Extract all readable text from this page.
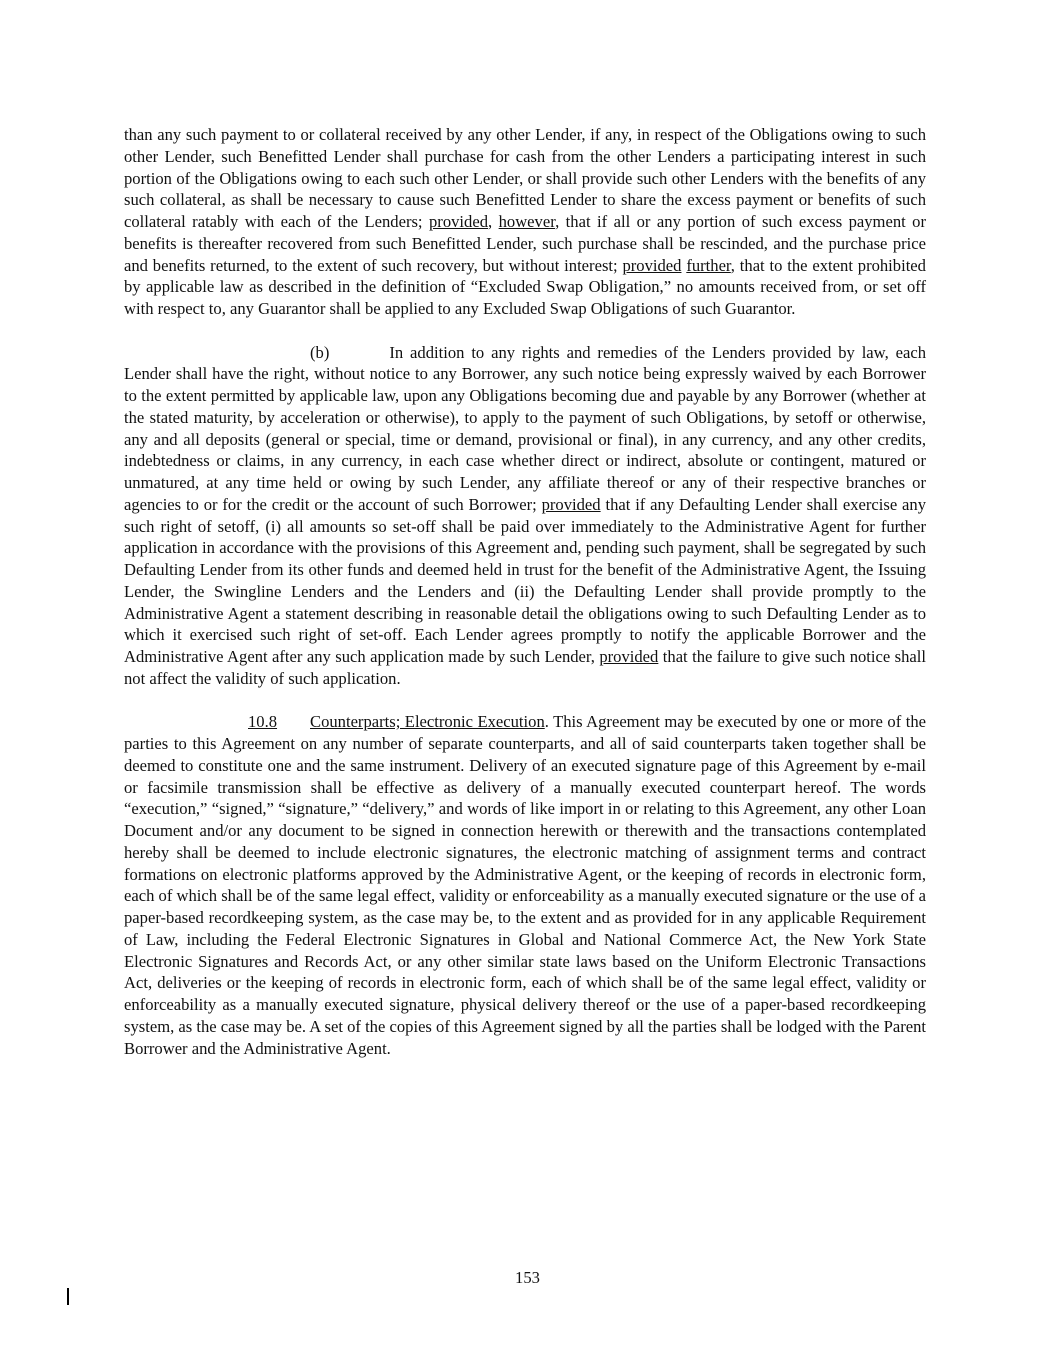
than any such payment to or collateral received by any other Lender, if any, in respect of the Obligations owing to such other Lender, such Benefitted Lender shall purchase for cash from the other Lenders a participating interest in such portion of the Obligations owing to each such other Lender, or shall provide such other Lenders with the benefits of any such collateral, as shall be necessary to cause such Benefitted Lender to share the excess payment or benefits of such collateral ratably with each of the Lenders; provided, however, that if all or any portion of such excess payment or benefits is thereafter recovered from such Benefitted Lender, such purchase shall be rescinded, and the purchase price and benefits returned, to the extent of such recovery, but without interest; provided further, that to the extent prohibited by applicable law as described in the definition of “Excluded Swap Obligation,” no amounts received from, or set off with respect to, any Guarantor shall be applied to any Excluded Swap Obligations of such Guarantor.

(b)	In addition to any rights and remedies of the Lenders provided by law, each Lender shall have the right, without notice to any Borrower, any such notice being expressly waived by each Borrower to the extent permitted by applicable law, upon any Obligations becoming due and payable by any Borrower (whether at the stated maturity, by acceleration or otherwise), to apply to the payment of such Obligations, by setoff or otherwise, any and all deposits (general or special, time or demand, provisional or final), in any currency, and any other credits, indebtedness or claims, in any currency, in each case whether direct or indirect, absolute or contingent, matured or unmatured, at any time held or owing by such Lender, any affiliate thereof or any of their respective branches or agencies to or for the credit or the account of such Borrower; provided that if any Defaulting Lender shall exercise any such right of setoff, (i) all amounts so set-off shall be paid over immediately to the Administrative Agent for further application in accordance with the provisions of this Agreement and, pending such payment, shall be segregated by such Defaulting Lender from its other funds and deemed held in trust for the benefit of the Administrative Agent, the Issuing Lender, the Swingline Lenders and the Lenders and (ii) the Defaulting Lender shall provide promptly to the Administrative Agent a statement describing in reasonable detail the obligations owing to such Defaulting Lender as to which it exercised such right of set-off. Each Lender agrees promptly to notify the applicable Borrower and the Administrative Agent after any such application made by such Lender, provided that the failure to give such notice shall not affect the validity of such application.

10.8 Counterparts; Electronic Execution. This Agreement may be executed by one or more of the parties to this Agreement on any number of separate counterparts, and all of said counterparts taken together shall be deemed to constitute one and the same instrument. Delivery of an executed signature page of this Agreement by e-mail or facsimile transmission shall be effective as delivery of a manually executed counterpart hereof. The words “execution,” “signed,” “signature,” “delivery,” and words of like import in or relating to this Agreement, any other Loan Document and/or any document to be signed in connection herewith or therewith and the transactions contemplated hereby shall be deemed to include electronic signatures, the electronic matching of assignment terms and contract formations on electronic platforms approved by the Administrative Agent, or the keeping of records in electronic form, each of which shall be of the same legal effect, validity or enforceability as a manually executed signature or the use of a paper-based recordkeeping system, as the case may be, to the extent and as provided for in any applicable Requirement of Law, including the Federal Electronic Signatures in Global and National Commerce Act, the New York State Electronic Signatures and Records Act, or any other similar state laws based on the Uniform Electronic Transactions Act, deliveries or the keeping of records in electronic form, each of which shall be of the same legal effect, validity or enforceability as a manually executed signature, physical delivery thereof or the use of a paper-based recordkeeping system, as the case may be. A set of the copies of this Agreement signed by all the parties shall be lodged with the Parent Borrower and the Administrative Agent.

153
